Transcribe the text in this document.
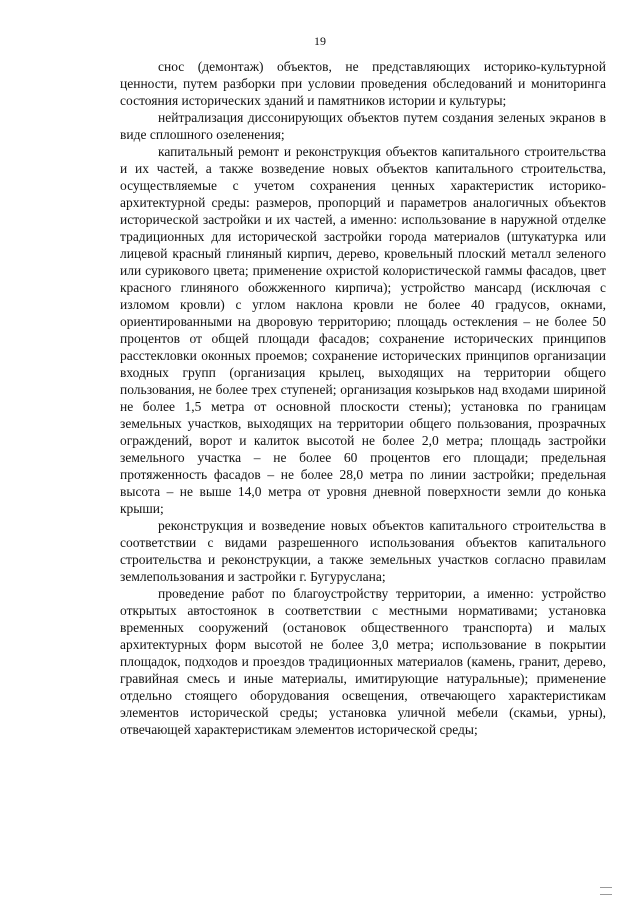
19

снос (демонтаж) объектов, не представляющих историко-культурной ценности, путем разборки при условии проведения обследований и мониторинга состояния исторических зданий и памятников истории и культуры;

нейтрализация диссонирующих объектов путем создания зеленых экранов в виде сплошного озеленения;

капитальный ремонт и реконструкция объектов капитального строительства и их частей, а также возведение новых объектов капитального строительства, осуществляемые с учетом сохранения ценных характеристик историко-архитектурной среды: размеров, пропорций и параметров аналогичных объектов исторической застройки и их частей, а именно: использование в наружной отделке традиционных для исторической застройки города материалов (штукатурка или лицевой красный глиняный кирпич, дерево, кровельный плоский металл зеленого или сурикового цвета; применение охристой колористической гаммы фасадов, цвет красного глиняного обожженного кирпича); устройство мансард (исключая с изломом кровли) с углом наклона кровли не более 40 градусов, окнами, ориентированными на дворовую территорию; площадь остекления – не более 50 процентов от общей площади фасадов; сохранение исторических принципов расстекловки оконных проемов; сохранение исторических принципов организации входных групп (организация крылец, выходящих на территории общего пользования, не более трех ступеней; организация козырьков над входами шириной не более 1,5 метра от основной плоскости стены); установка по границам земельных участков, выходящих на территории общего пользования, прозрачных ограждений, ворот и калиток высотой не более 2,0 метра; площадь застройки земельного участка – не более 60 процентов его площади; предельная протяженность фасадов – не более 28,0 метра по линии застройки; предельная высота – не выше 14,0 метра от уровня дневной поверхности земли до конька крыши;

реконструкция и возведение новых объектов капитального строительства в соответствии с видами разрешенного использования объектов капитального строительства и реконструкции, а также земельных участков согласно правилам землепользования и застройки г. Бугуруслана;

проведение работ по благоустройству территории, а именно: устройство открытых автостоянок в соответствии с местными нормативами; установка временных сооружений (остановок общественного транспорта) и малых архитектурных форм высотой не более 3,0 метра; использование в покрытии площадок, подходов и проездов традиционных материалов (камень, гранит, дерево, гравийная смесь и иные материалы, имитирующие натуральные); применение отдельно стоящего оборудования освещения, отвечающего характеристикам элементов исторической среды; установка уличной мебели (скамьи, урны), отвечающей характеристикам элементов исторической среды;
